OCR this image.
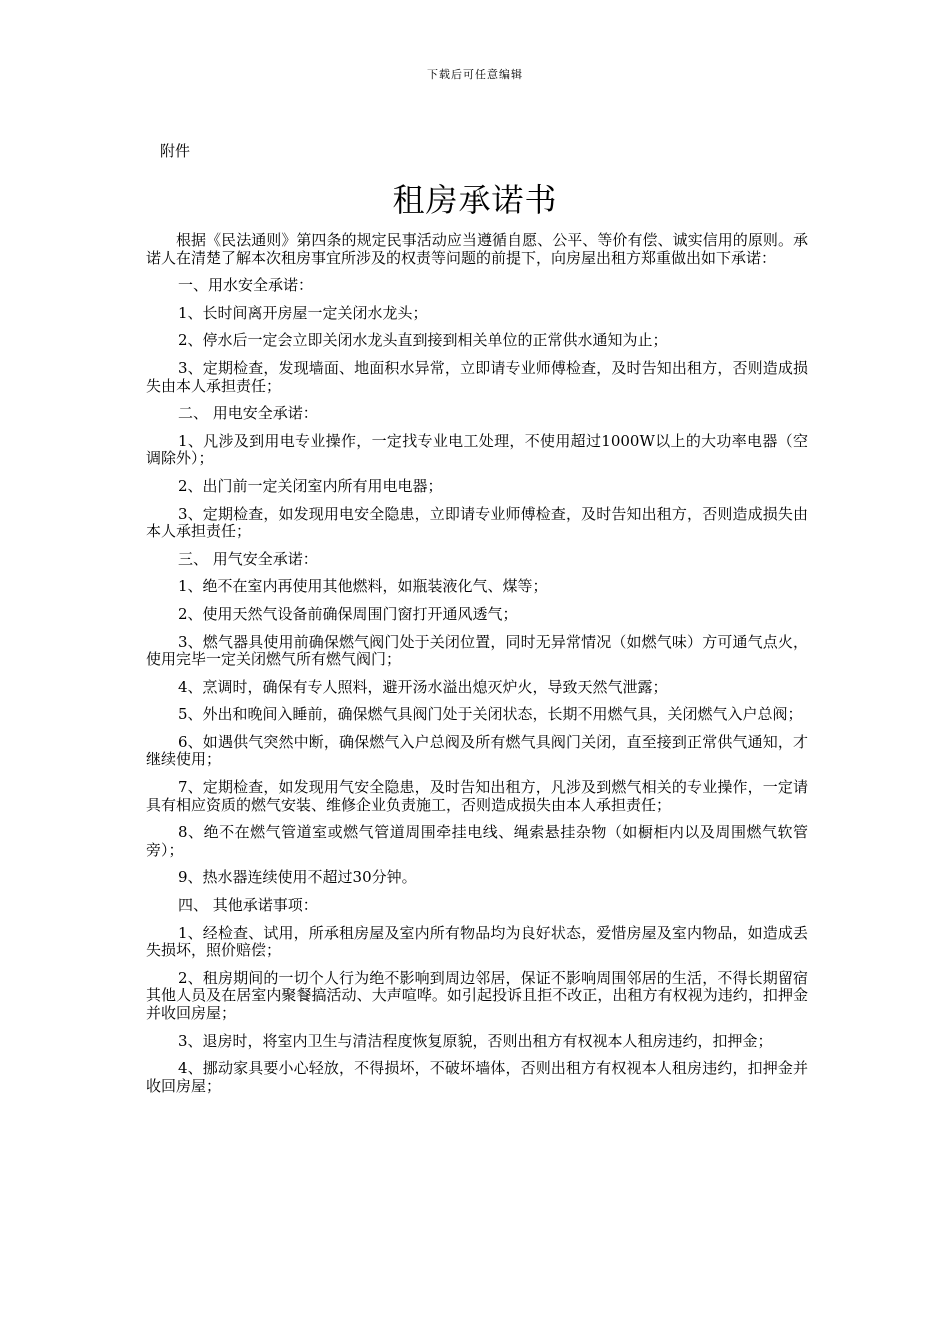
下载后可任意编辑
附件
租房承诺书

根据《民法通则》第四条的规定民事活动应当遵循自愿、公平、等价有偿、诚实信用的原则。承诺人在清楚了解本次租房事宜所涉及的权责等问题的前提下，向房屋出租方郑重做出如下承诺：

一、用水安全承诺：

1、长时间离开房屋一定关闭水龙头；

2、停水后一定会立即关闭水龙头直到接到相关单位的正常供水通知为止；

3、定期检查，发现墙面、地面积水异常，立即请专业师傅检查，及时告知出租方，否则造成损失由本人承担责任；

二、 用电安全承诺：

1、凡涉及到用电专业操作，一定找专业电工处理，不使用超过1000W以上的大功率电器（空调除外）；

2、出门前一定关闭室内所有用电电器；

3、定期检查，如发现用电安全隐患，立即请专业师傅检查，及时告知出租方，否则造成损失由本人承担责任；

三、 用气安全承诺：

1、绝不在室内再使用其他燃料，如瓶装液化气、煤等；

2、使用天然气设备前确保周围门窗打开通风透气；

3、燃气器具使用前确保燃气阀门处于关闭位置，同时无异常情况（如燃气味）方可通气点火，使用完毕一定关闭燃气所有燃气阀门；

4、烹调时，确保有专人照料，避开汤水溢出熄灭炉火，导致天然气泄露；

5、外出和晚间入睡前，确保燃气具阀门处于关闭状态，长期不用燃气具，关闭燃气入户总阀；

6、如遇供气突然中断，确保燃气入户总阀及所有燃气具阀门关闭，直至接到正常供气通知，才继续使用；

7、定期检查，如发现用气安全隐患，及时告知出租方，凡涉及到燃气相关的专业操作，一定请具有相应资质的燃气安装、维修企业负责施工，否则造成损失由本人承担责任；

8、绝不在燃气管道室或燃气管道周围牵挂电线、绳索悬挂杂物（如橱柜内以及周围燃气软管旁）；

9、热水器连续使用不超过30分钟。

四、 其他承诺事项：

1、经检查、试用，所承租房屋及室内所有物品均为良好状态，爱惜房屋及室内物品，如造成丢失损坏，照价赔偿；

2、租房期间的一切个人行为绝不影响到周边邻居，保证不影响周围邻居的生活，不得长期留宿其他人员及在居室内聚餐搞活动、大声喧哗。如引起投诉且拒不改正，出租方有权视为违约，扣押金并收回房屋；

3、退房时，将室内卫生与清洁程度恢复原貌，否则出租方有权视本人租房违约，扣押金；

4、挪动家具要小心轻放，不得损坏，不破坏墙体，否则出租方有权视本人租房违约，扣押金并收回房屋；
